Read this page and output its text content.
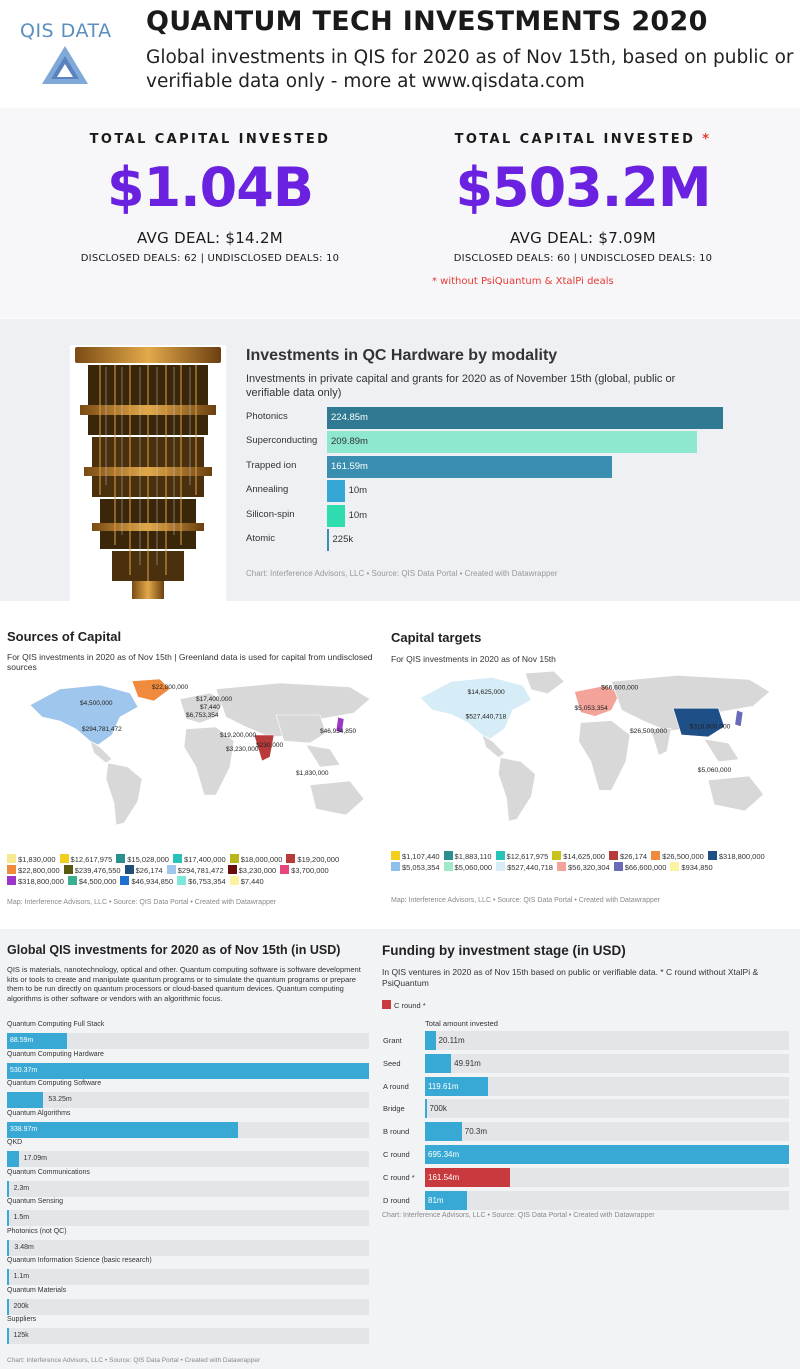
QIS DATA QUANTUM TECH INVESTMENTS 2020
Global investments in QIS for 2020 as of Nov 15th, based on public or verifiable data only - more at www.qisdata.com
TOTAL CAPITAL INVESTED
$1.04B
AVG DEAL: $14.2M
DISCLOSED DEALS: 62 | UNDISCLOSED DEALS: 10
TOTAL CAPITAL INVESTED *
$503.2M
AVG DEAL: $7.09M
DISCLOSED DEALS: 60 | UNDISCLOSED DEALS: 10
* without PsiQuantum & XtalPi deals
Investments in QC Hardware by modality
Investments in private capital and grants for 2020 as of November 15th (global, public or verifiable data only)
Photonics	224.85m
Superconducting 209.89m
Trapped ion	161.59m
Annealing	10m
Silicon-spin	10m
Atomic	225k
Chart: Interference Advisors, LLC • Source: QIS Data Portal • Created with Datawrapper
Sources of Capital
For QIS investments in 2020 as of Nov 15th | Greenland data is used for capital from undisclosed sources
$22,800,000
$4,500,000
$17,400,000
$7,440
$6,753,354
$294,781,472
$19,200,000
$46,934,850
$230,000
$3,230,000
$1,830,000
$1,830,000 $12,617,975 $15,028,000 $17,400,000 $18,000,000 $19,200,000$22,800,000 $239,476,550 $26,174 $294,781,472 $3,230,000 $3,700,000$318,800,000 $4,500,000 $46,934,850 $6,753,354 $7,440
Map: Interference Advisors, LLC • Source: QIS Data Portal • Created with Datawrapper
Capital targets
For QIS investments in 2020 as of Nov 15th
$14,625,000
$527,440,718
$66,600,000
$5,053,354
$26,500,000
$318,800,000
$5,060,000
$1,107,440 $1,883,110 $12,617,975 $14,625,000 $26,174 $26,500,000 $318,800,000$5,053,354 $5,060,000 $527,440,718 $56,320,304 $66,600,000 $934,850
Map: Interference Advisors, LLC • Source: QIS Data Portal • Created with Datawrapper
Global QIS investments for 2020 as of Nov 15th (in USD)
QIS is materials, nanotechnology, optical and other. Quantum computing software is software development kits or tools to create and manipulate quantum programs or to simulate the quantum programs or prepare them to be run directly on quantum processors or cloud-based quantum devices. Quantum computing algorithms is other software or vendors with an algorithmic focus.
Quantum Computing Full Stack
88.59m
Quantum Computing Hardware
530.37m
Quantum Computing Software
53.25m
Quantum Algorithms
338.97m
QKD
17.09m
Quantum Communications
2.3m
Quantum Sensing
1.5m
Photonics (not QC)
3.48m
Quantum Information Science (basic research)
1.1m
Quantum Materials
200k
Suppliers
125k
Chart: Interference Advisors, LLC • Source: QIS Data Portal • Created with Datawrapper
Funding by investment stage (in USD)
In QIS ventures in 2020 as of Nov 15th based on public or verifiable data. * C round without XtalPi & PsiQuantum
C round *
Total amount invested
Grant	20.11m
Seed	49.91m
A round 119.61m
Bridge	700k
B round	70.3m
C round 695.34m
C round * 161.54m
D round 81m
Chart: Interference Advisors, LLC • Source: QIS Data Portal • Created with Datawrapper
